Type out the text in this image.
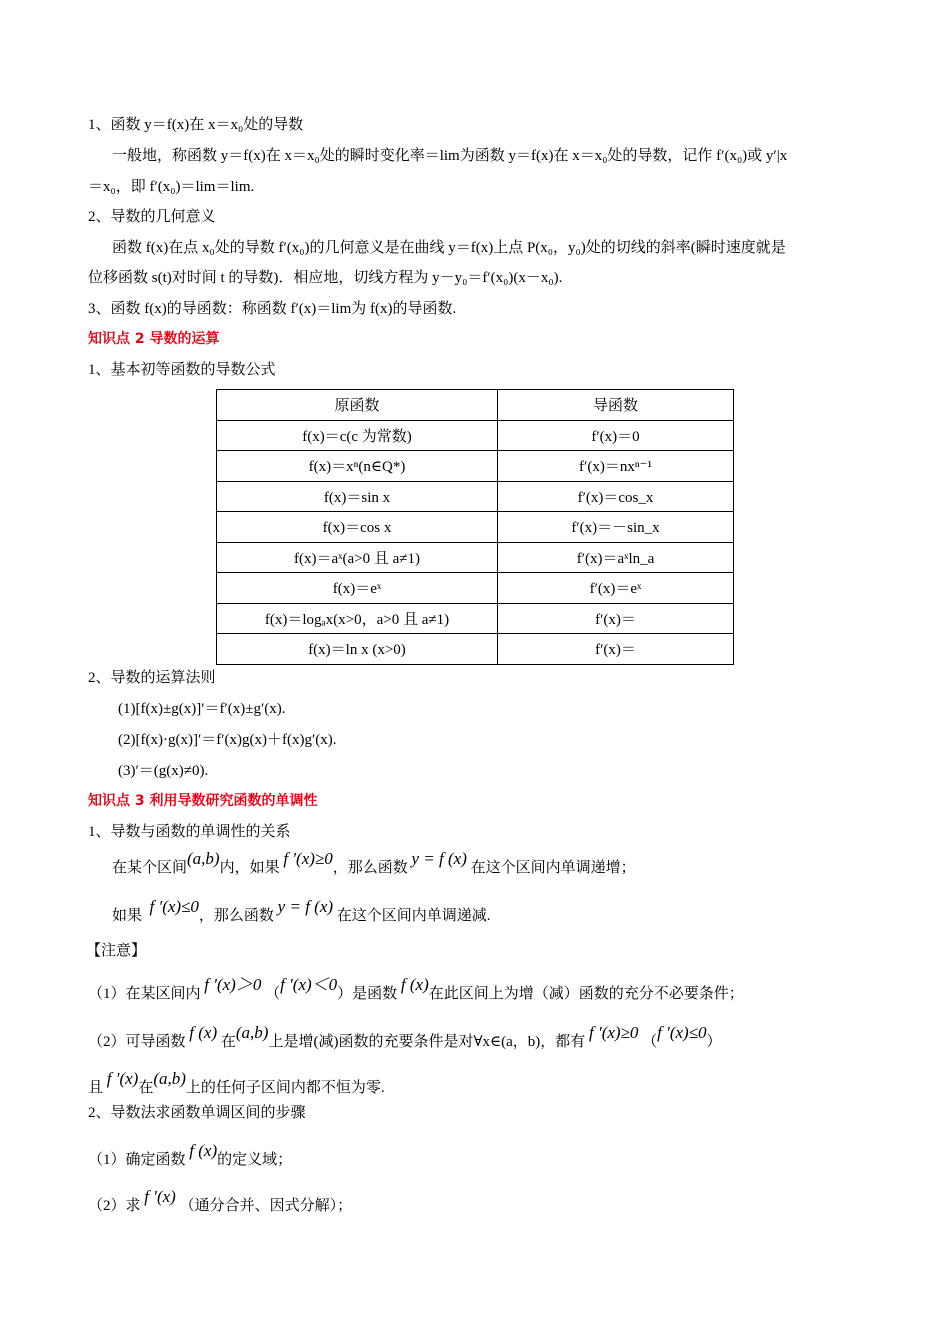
1、函数 y＝f(x)在 x＝x₀处的导数
一般地，称函数 y＝f(x)在 x＝x₀处的瞬时变化率＝lim为函数 y＝f(x)在 x＝x₀处的导数，记作 f′(x₀)或 y′|x
＝x₀，即 f′(x₀)＝lim＝lim.
2、导数的几何意义
函数 f(x)在点 x₀处的导数 f′(x₀)的几何意义是在曲线 y＝f(x)上点 P(x₀，y₀)处的切线的斜率(瞬时速度就是
位移函数 s(t)对时间 t 的导数)．相应地，切线方程为 y－y₀＝f′(x₀)(x－x₀).
3、函数 f(x)的导函数：称函数 f′(x)＝lim为 f(x)的导函数.
知识点 2 导数的运算
1、基本初等函数的导数公式
原函数	导函数
f(x)＝c(c 为常数)	f′(x)＝0
f(x)＝xⁿ(n∈Q*)	f′(x)＝nxⁿ⁻¹
f(x)＝sin x	f′(x)＝cos_x
f(x)＝cos x	f′(x)＝－sin_x
f(x)＝aˣ(a>0 且 a≠1)	f′(x)＝aˣln_a
f(x)＝eˣ	f′(x)＝eˣ
f(x)＝logₐx(x>0，a>0 且 a≠1)	f′(x)＝
f(x)＝ln x (x>0)	f′(x)＝
2、导数的运算法则
(1)[f(x)±g(x)]′＝f′(x)±g′(x).
(2)[f(x)·g(x)]′＝f′(x)g(x)＋f(x)g′(x).
(3)′＝(g(x)≠0).
知识点 3 利用导数研究函数的单调性
1、导数与函数的单调性的关系
在某个区间(a,b)内，如果 f ′(x)≥0，那么函数 y = f (x) 在这个区间内单调递增；
如果 f ′(x)≤0，那么函数 y = f (x) 在这个区间内单调递减.
【注意】
（1）在某区间内 f ′(x)＞0 （f ′(x)＜0）是函数 f (x)在此区间上为增（减）函数的充分不必要条件；
（2）可导函数 f (x) 在(a,b)上是增(减)函数的充要条件是对∀x∈(a，b)，都有 f ′(x)≥0 （f ′(x)≤0）
且 f ′(x)在(a,b)上的任何子区间内都不恒为零.
2、导数法求函数单调区间的步骤
（1）确定函数 f (x)的定义域；
（2）求 f ′(x) （通分合并、因式分解）；
